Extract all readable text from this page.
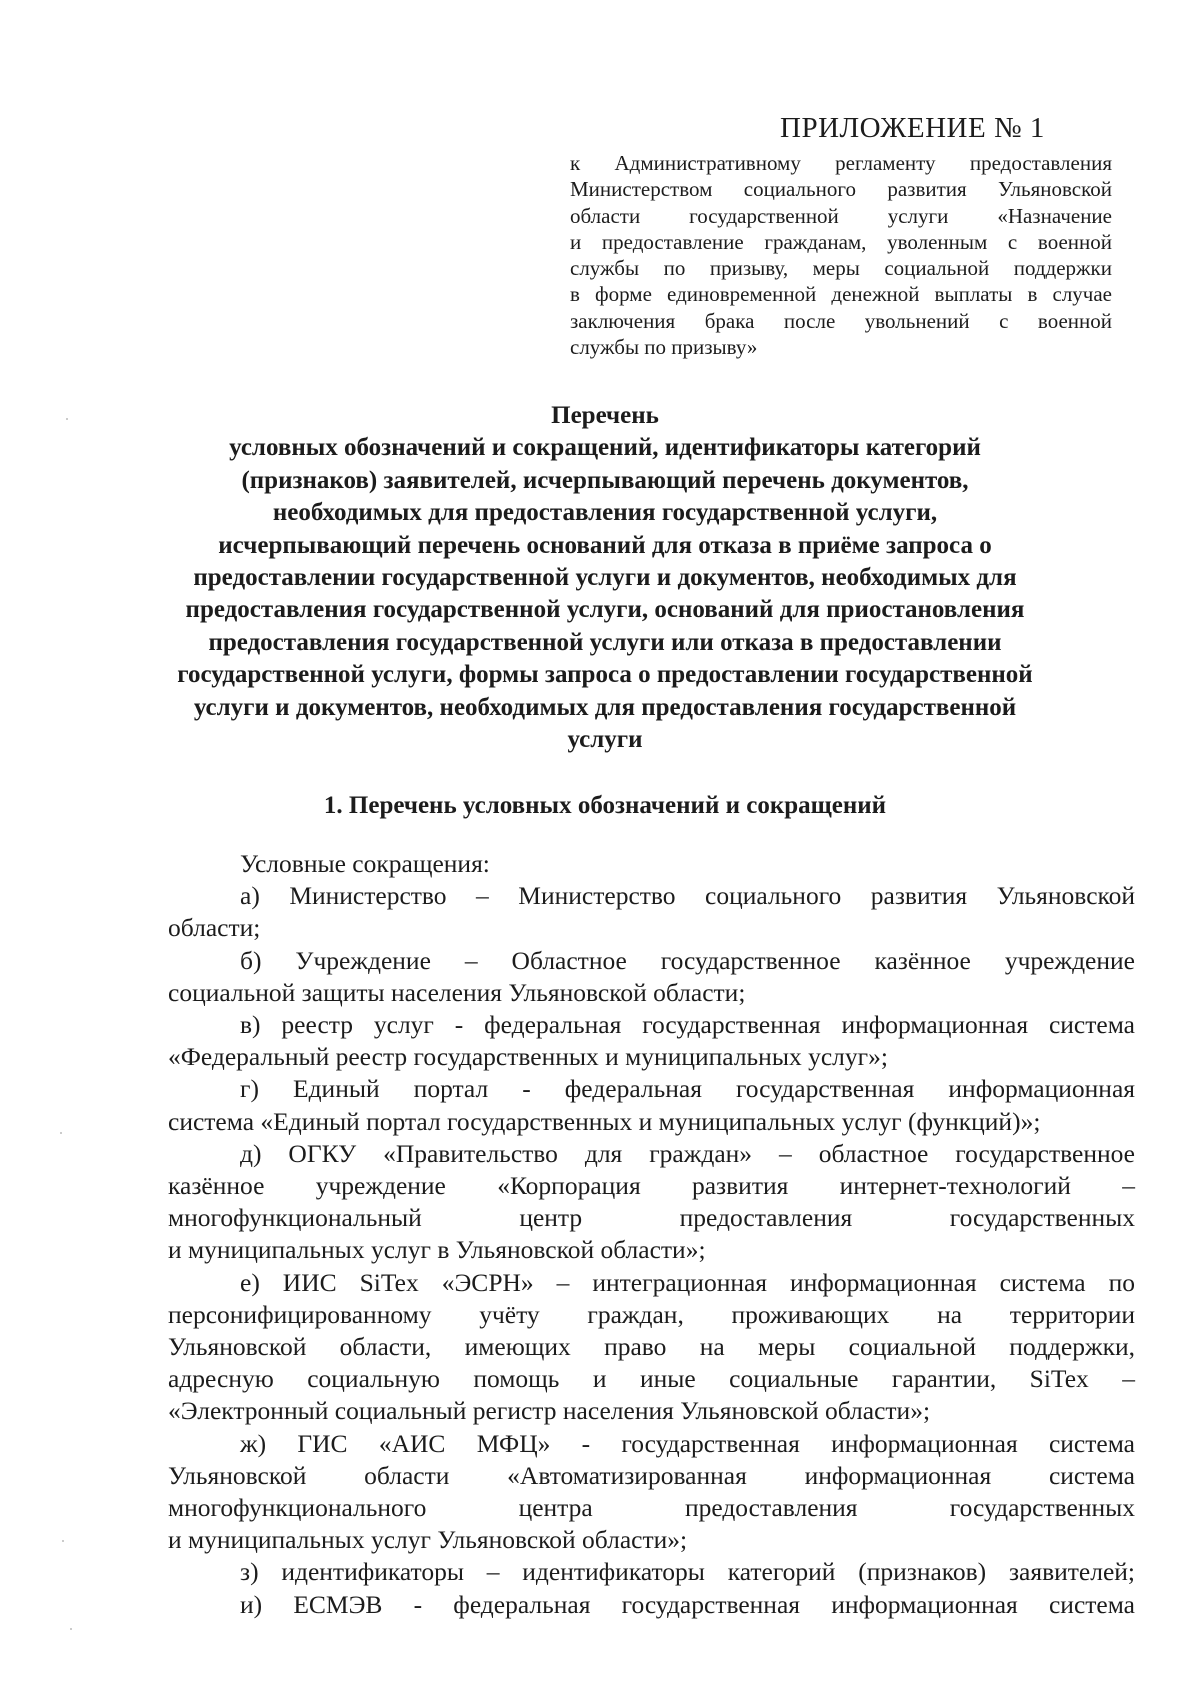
ПРИЛОЖЕНИЕ № 1
к Административному регламенту предоставления
Министерством социального развития Ульяновской
области государственной услуги «Назначение
и предоставление гражданам, уволенным с военной
службы по призыву, меры социальной поддержки
в форме единовременной денежной выплаты в случае
заключения брака после увольнений с военной
службы по призыву»
Перечень
условных обозначений и сокращений, идентификаторы категорий
(признаков) заявителей, исчерпывающий перечень документов,
необходимых для предоставления государственной услуги,
исчерпывающий перечень оснований для отказа в приёме запроса о
предоставлении государственной услуги и документов, необходимых для
предоставления государственной услуги, оснований для приостановления
предоставления государственной услуги или отказа в предоставлении
государственной услуги, формы запроса о предоставлении государственной
услуги и документов, необходимых для предоставления государственной
услуги
1. Перечень условных обозначений и сокращений
Условные сокращения:
а) Министерство – Министерство социального развития Ульяновской
области;
б) Учреждение – Областное государственное казённое учреждение
социальной защиты населения Ульяновской области;
в) реестр услуг - федеральная государственная информационная система
«Федеральный реестр государственных и муниципальных услуг»;
г) Единый портал - федеральная государственная информационная
система «Единый портал государственных и муниципальных услуг (функций)»;
д) ОГКУ «Правительство для граждан» – областное государственное
казённое учреждение «Корпорация развития интернет-технологий –
многофункциональный центр предоставления государственных
и муниципальных услуг в Ульяновской области»;
е) ИИС SiTex «ЭСРН» – интеграционная информационная система по
персонифицированному учёту граждан, проживающих на территории
Ульяновской области, имеющих право на меры социальной поддержки,
адресную социальную помощь и иные социальные гарантии, SiTex –
«Электронный социальный регистр населения Ульяновской области»;
ж) ГИС «АИС МФЦ» - государственная информационная система
Ульяновской области «Автоматизированная информационная система
многофункционального центра предоставления государственных
и муниципальных услуг Ульяновской области»;
з) идентификаторы – идентификаторы категорий (признаков) заявителей;
и) ЕСМЭВ - федеральная государственная информационная система
